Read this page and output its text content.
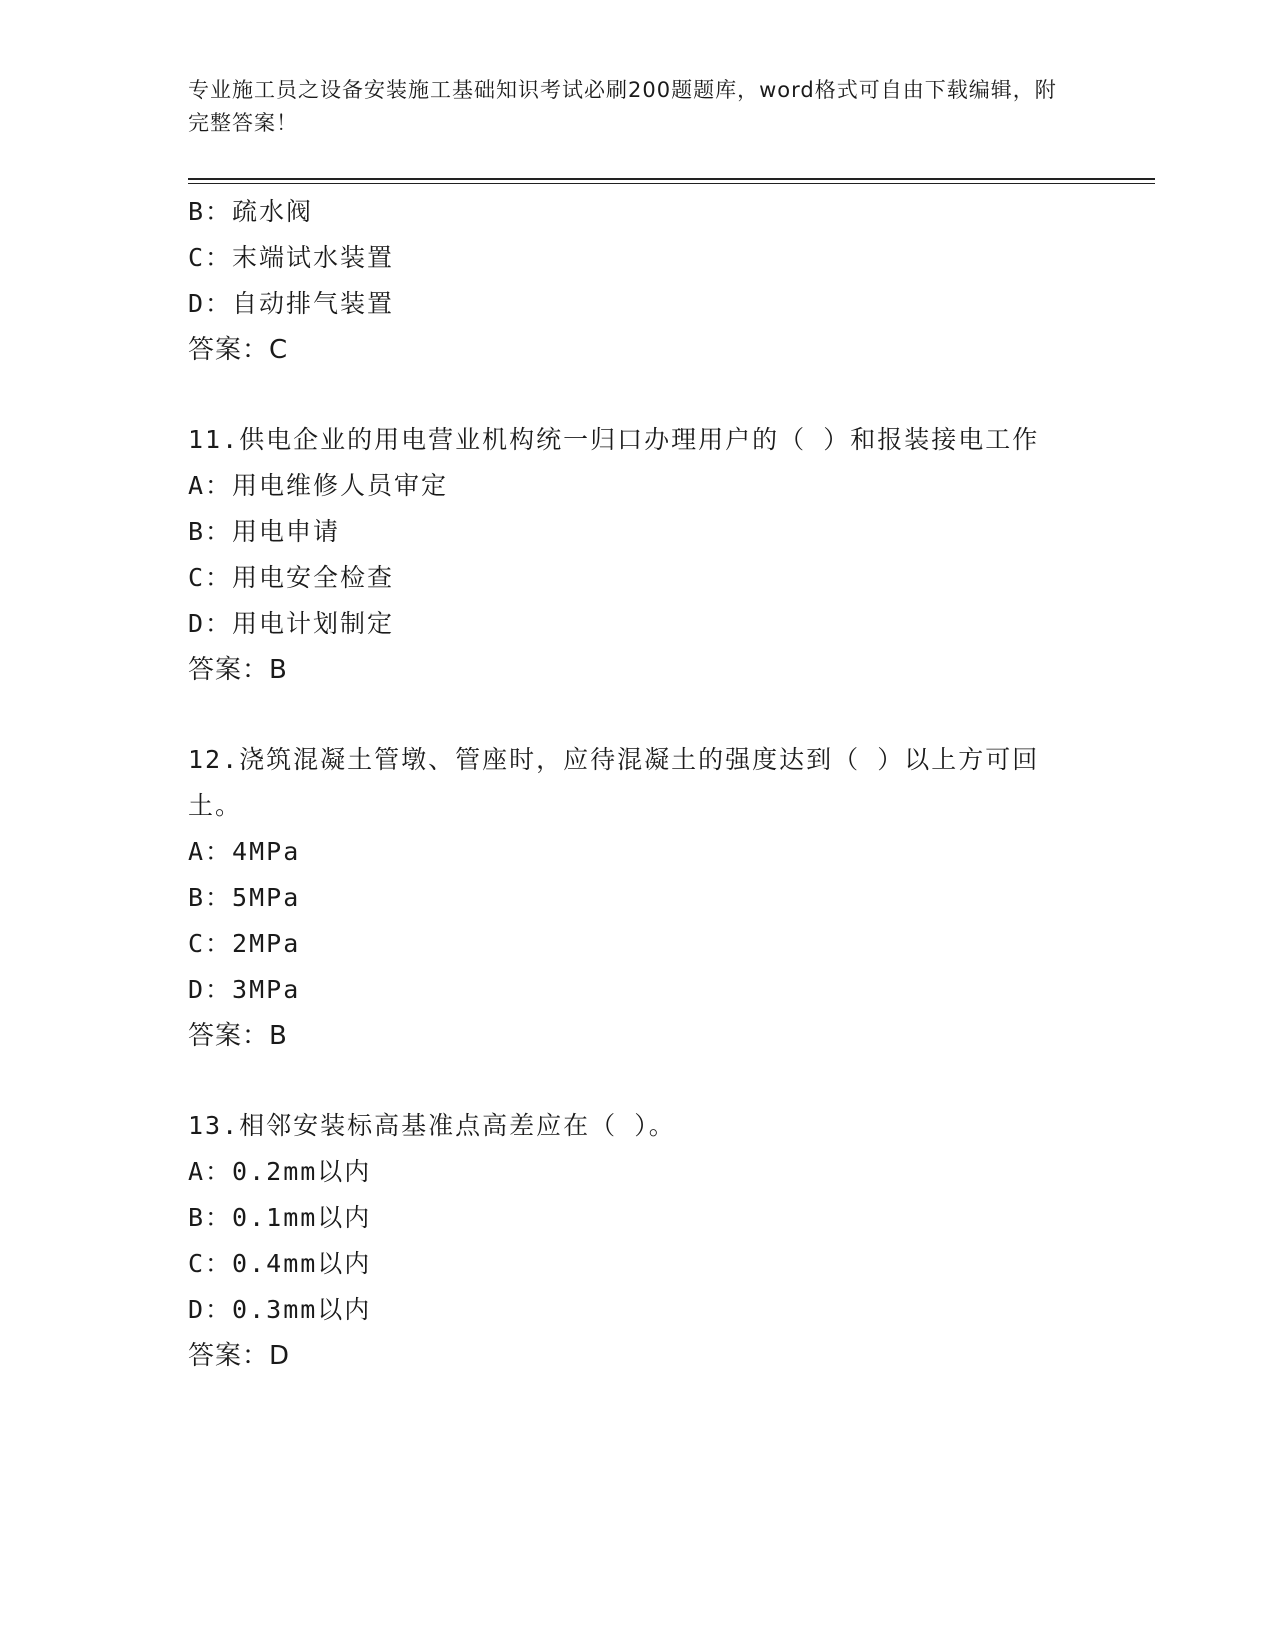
专业施工员之设备安装施工基础知识考试必刷200题题库，word格式可自由下载编辑，附完整答案！
B：疏水阀
C：末端试水装置
D：自动排气装置
答案：C
11.供电企业的用电营业机构统一归口办理用户的（ ）和报装接电工作
A：用电维修人员审定
B：用电申请
C：用电安全检查
D：用电计划制定
答案：B
12.浇筑混凝土管墩、管座时，应待混凝土的强度达到（ ）以上方可回土。
A：4MPa
B：5MPa
C：2MPa
D：3MPa
答案：B
13.相邻安装标高基准点高差应在（ ）。
A：0.2mm以内
B：0.1mm以内
C：0.4mm以内
D：0.3mm以内
答案：D
